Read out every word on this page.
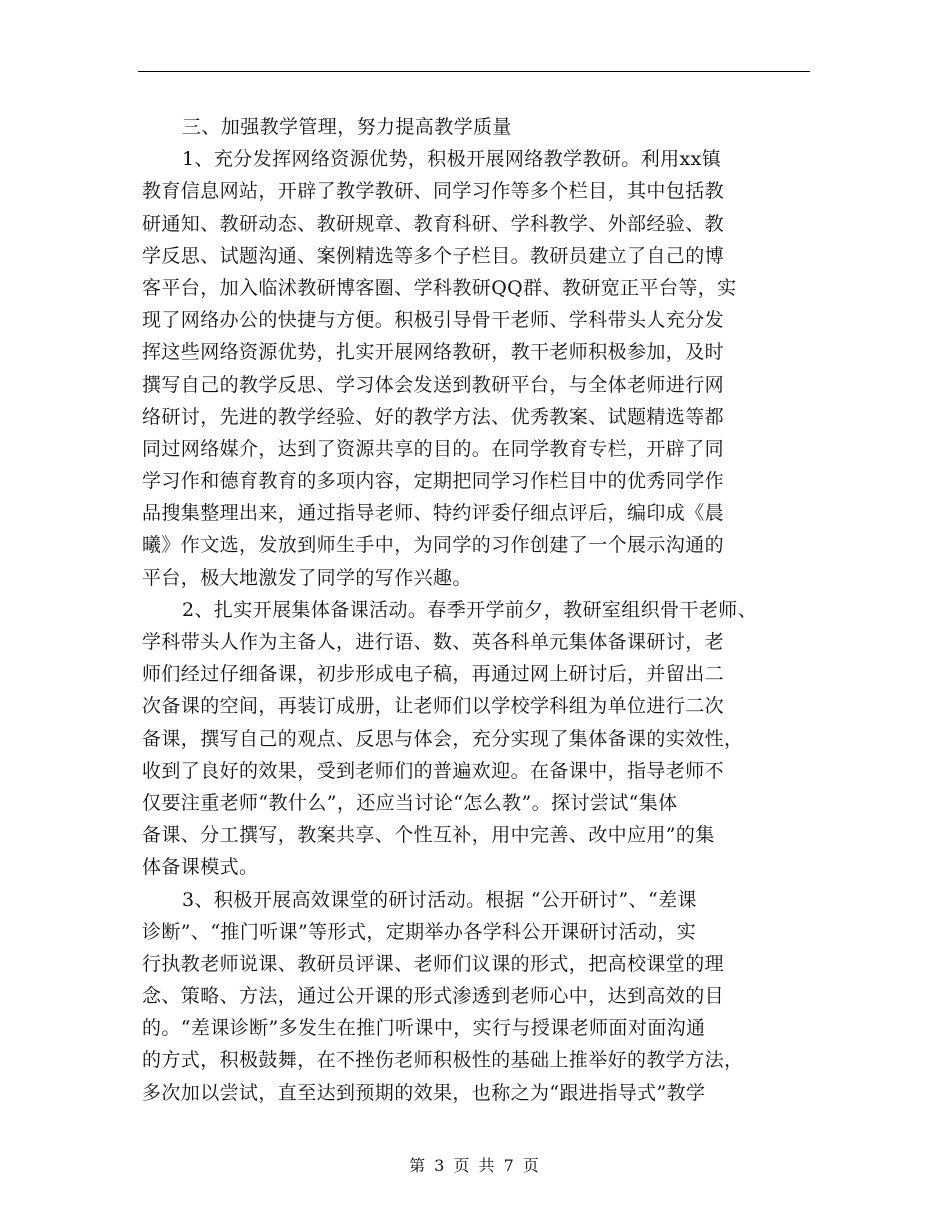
三、加强教学管理，努力提高教学质量
1、充分发挥网络资源优势，积极开展网络教学教研。利用xx镇
教育信息网站，开辟了教学教研、同学习作等多个栏目，其中包括教
研通知、教研动态、教研规章、教育科研、学科教学、外部经验、教
学反思、试题沟通、案例精选等多个子栏目。教研员建立了自己的博
客平台，加入临沭教研博客圈、学科教研QQ群、教研宽正平台等，实
现了网络办公的快捷与方便。积极引导骨干老师、学科带头人充分发
挥这些网络资源优势，扎实开展网络教研，教干老师积极参加，及时
撰写自己的教学反思、学习体会发送到教研平台，与全体老师进行网
络研讨，先进的教学经验、好的教学方法、优秀教案、试题精选等都
同过网络媒介，达到了资源共享的目的。在同学教育专栏，开辟了同
学习作和德育教育的多项内容，定期把同学习作栏目中的优秀同学作
品搜集整理出来，通过指导老师、特约评委仔细点评后，编印成《晨
曦》作文选，发放到师生手中，为同学的习作创建了一个展示沟通的
平台，极大地激发了同学的写作兴趣。
2、扎实开展集体备课活动。春季开学前夕，教研室组织骨干老师、
学科带头人作为主备人，进行语、数、英各科单元集体备课研讨，老
师们经过仔细备课，初步形成电子稿，再通过网上研讨后，并留出二
次备课的空间，再装订成册，让老师们以学校学科组为单位进行二次
备课，撰写自己的观点、反思与体会，充分实现了集体备课的实效性，
收到了良好的效果，受到老师们的普遍欢迎。在备课中，指导老师不
仅要注重老师“教什么”，还应当讨论“怎么教”。探讨尝试“集体
备课、分工撰写，教案共享、个性互补，用中完善、改中应用”的集
体备课模式。
3、积极开展高效课堂的研讨活动。根据 “公开研讨”、“差课
诊断”、“推门听课”等形式，定期举办各学科公开课研讨活动，实
行执教老师说课、教研员评课、老师们议课的形式，把高校课堂的理
念、策略、方法，通过公开课的形式渗透到老师心中，达到高效的目
的。“差课诊断”多发生在推门听课中，实行与授课老师面对面沟通
的方式，积极鼓舞，在不挫伤老师积极性的基础上推举好的教学方法，
多次加以尝试，直至达到预期的效果，也称之为“跟进指导式”教学
第 3 页 共 7 页
